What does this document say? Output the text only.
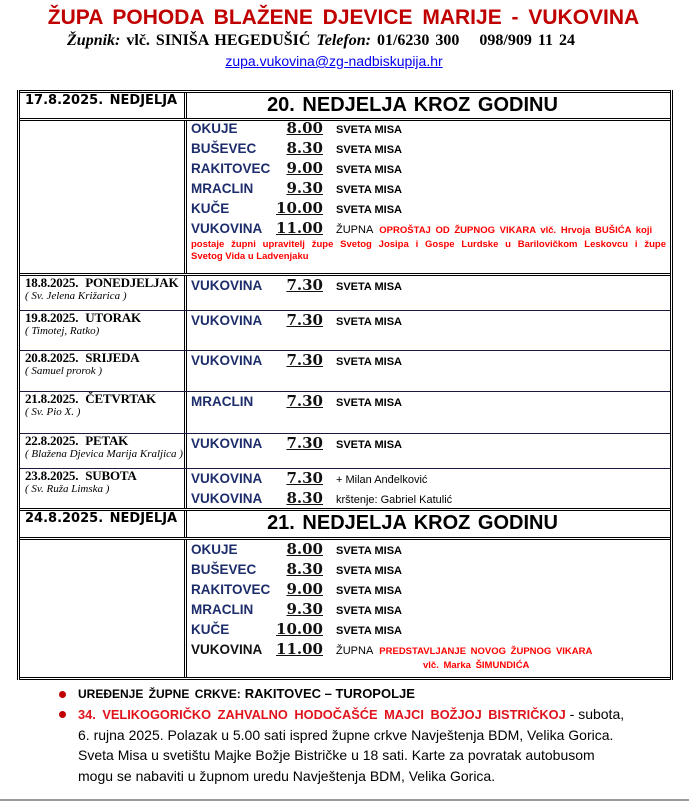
ŽUPA POHODA BLAŽENE DJEVICE MARIJE - VUKOVINA
Župnik: vlč. SINIŠA HEGEDUŠIĆ Telefon: 01/6230 300 098/909 11 24
zupa.vukovina@zg-nadbiskupija.hr
17.8.2025. NEDJELJA	20. NEDJELJA KROZ GODINU
OKUJE	8.00 SVETA MISA
BUŠEVEC 8.30 SVETA MISA
RAKITOVEC 9.00 SVETA MISA
MRACLIN 9.30 SVETA MISA
KUČE	10.00 SVETA MISA
VUKOVINA 11.00 ŽUPNA OPROŠTAJ OD ŽUPNOG VIKARA vlč. Hrvoja BUŠIĆA koji
postaje župni upravitelj župe Svetog Josipa i Gospe Lurdske u Barilovičkom Leskovcu i župe
Svetog Vida u Ladvenjaku
18.8.2025. PONEDJELJAK
( Sv. Jelena Križarica )
VUKOVINA 7.30 SVETA MISA
19.8.2025. UTORAK
( Timotej, Ratko)
VUKOVINA 7.30 SVETA MISA
20.8.2025. SRIJEDA
( Samuel prorok )
VUKOVINA 7.30 SVETA MISA
21.8.2025. ČETVRTAK
( Sv. Pio X. )
MRACLIN 7.30 SVETA MISA
22.8.2025. PETAK
( Blažena Djevica Marija Kraljica )
VUKOVINA 7.30 SVETA MISA
23.8.2025. SUBOTA
( Sv. Ruža Limska )
VUKOVINA 7.30 + Milan Anđelković
VUKOVINA 8.30 krštenje: Gabriel Katulić
24.8.2025. NEDJELJA	21. NEDJELJA KROZ GODINU
OKUJE	8.00 SVETA MISA
BUŠEVEC 8.30 SVETA MISA
RAKITOVEC 9.00 SVETA MISA
MRACLIN 9.30 SVETA MISA
KUČE	10.00 SVETA MISA
VUKOVINA 11.00 ŽUPNA PREDSTAVLJANJE NOVOG ŽUPNOG VIKARA
vlč. Marka ŠIMUNDIĆA
UREĐENJE ŽUPNE CRKVE: RAKITOVEC – TUROPOLJE
34. VELIKOGORIČKO ZAHVALNO HODOČAŠĆE MAJCI BOŽJOJ BISTRIČKOJ - subota,
6. rujna 2025. Polazak u 5.00 sati ispred župne crkve Navještenja BDM, Velika Gorica.
Sveta Misa u svetištu Majke Božje Bistričke u 18 sati. Karte za povratak autobusom
mogu se nabaviti u župnom uredu Navještenja BDM, Velika Gorica.
